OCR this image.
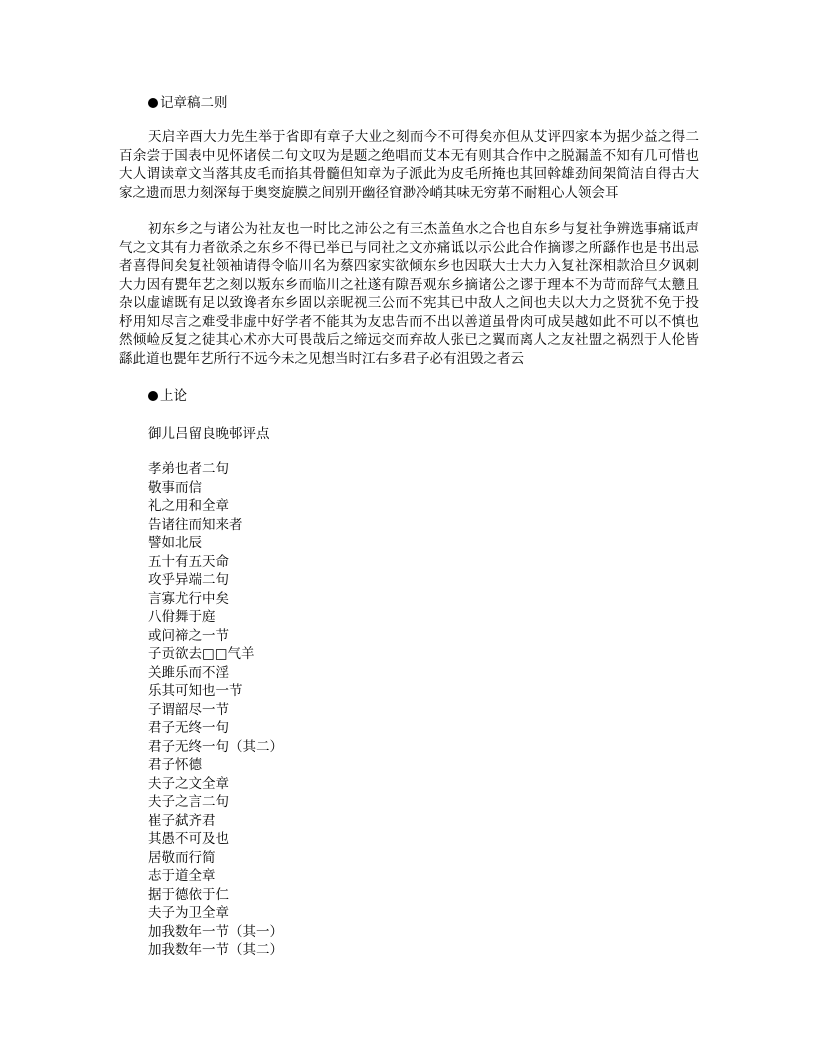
记章稿二则

天启辛酉大力先生举于省即有章子大业之刻而今不可得矣亦但从艾评四家本为据少益之得二百余尝于国表中见怀诸侯二句文叹为是题之绝唱而艾本无有则其合作中之脱漏盖不知有几可惜也大人谓读章文当落其皮毛而掐其骨髓但知章为子派此为皮毛所掩也其回斡雄劲间架简洁自得古大家之遗而思力刻深每于奥窔旋膜之间别开幽径窅渺冷峭其味无穷苐不耐粗心人领会耳

初东乡之与诸公为社友也一时比之沛公之有三杰盖鱼水之合也自东乡与复社争辨选事痛诋声气之文其有力者欲杀之东乡不得已举已与同社之文亦痛诋以示公此合作摘谬之所繇作也是书出忌者喜得间矣复社领袖请得令临川名为蔡四家实欲倾东乡也因联大士大力入复社深相款洽旦夕讽刺大力因有甖年艺之刻以叛东乡而临川之社遂有隙吾观东乡摘诸公之谬于理本不为苛而辞气太戆且杂以虚谑既有足以致谗者东乡固以亲昵视三公而不宪其已中敌人之间也夫以大力之贤犹不免于投杼用知尽言之难受非虚中好学者不能其为友忠告而不出以善道虽骨肉可成吴越如此不可以不慎也然倾崄反复之徒其心术亦大可畏哉后之缔远交而弃故人张已之翼而离人之友社盟之祸烈于人伦皆繇此道也甖年艺所行不远今未之见想当时江右多君子必有沮毁之者云

上论
御儿吕留良晚邨评点
孝弟也者二句
敬事而信
礼之用和全章
告诸往而知来者
譬如北辰
五十有五天命
攻乎异端二句
言寡尤行中矣
八佾舞于庭
或问禘之一节
子贡欲去□□气羊
关雎乐而不淫
乐其可知也一节
子谓韶尽一节
君子无终一句
君子无终一句（其二）
君子怀德
夫子之文全章
夫子之言二句
崔子弑齐君
其愚不可及也
居敬而行简
志于道全章
据于德依于仁
夫子为卫全章
加我数年一节（其一）
加我数年一节（其二）
